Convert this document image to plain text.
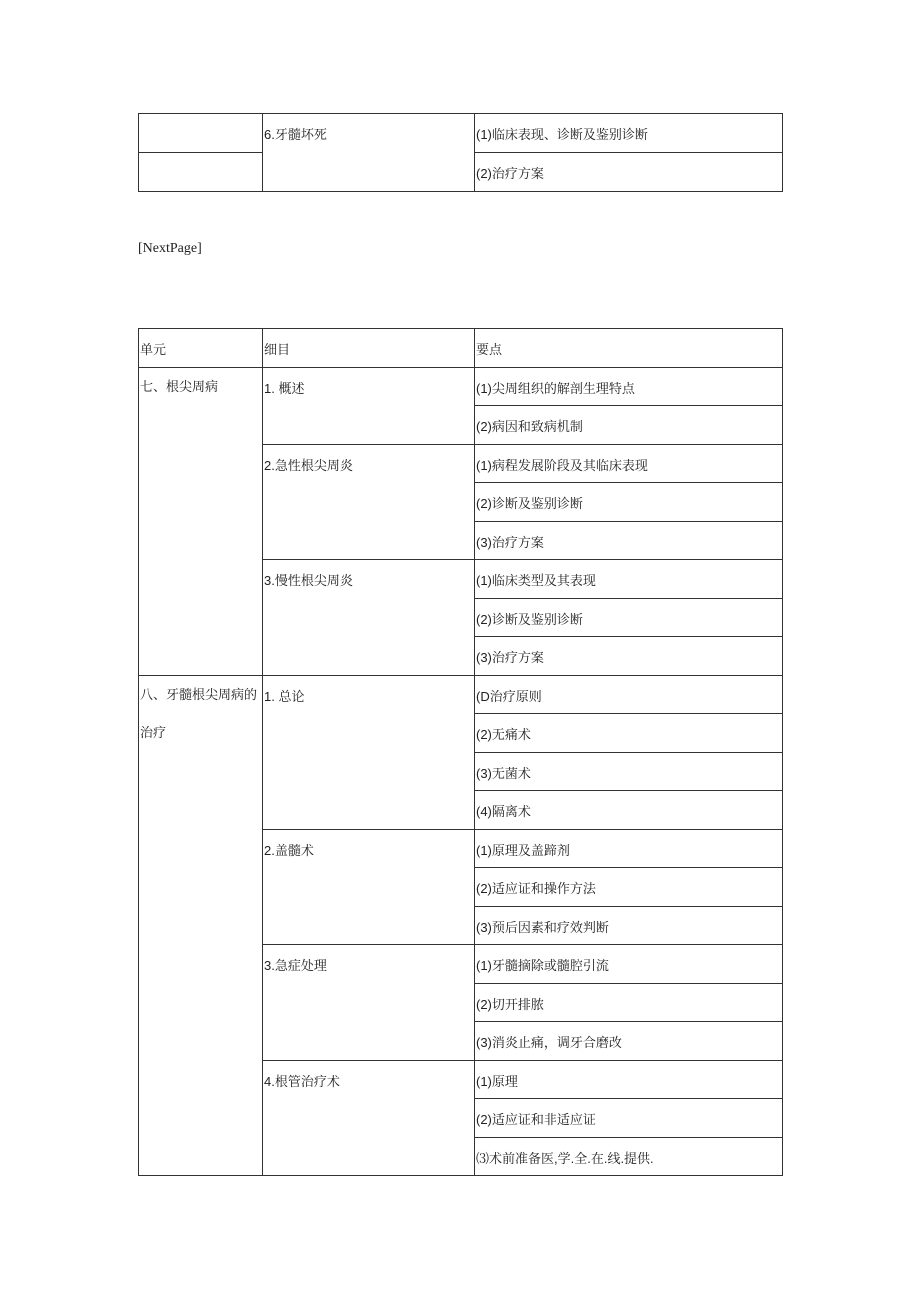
	6.牙髓坏死	(1)临床表现、诊断及鉴别诊断
		(2)治疗方案
[NextPage]
单元	细目	要点
七、根尖周病	1. 概述	(1)尖周组织的解剖生理特点
		(2)病因和致病机制
	2.急性根尖周炎	(1)病程发展阶段及其临床表现
		(2)诊断及鉴别诊断
		(3)治疗方案
	3.慢性根尖周炎	(1)临床类型及其表现
		(2)诊断及鉴别诊断
		(3)治疗方案
八、牙髓根尖周病的治疗	1. 总论	(D治疗原则
		(2)无痛术
		(3)无菌术
		(4)隔离术
	2.盖髓术	(1)原理及盖蹄剂
		(2)适应证和操作方法
		(3)预后因素和疗效判断
	3.急症处理	(1)牙髓摘除或髓腔引流
		(2)切开排脓
		(3)消炎止痛，调牙合磨改
	4.根管治疗术	(1)原理
		(2)适应证和非适应证
		⑶术前准备医,学.全.在.线.提供.
